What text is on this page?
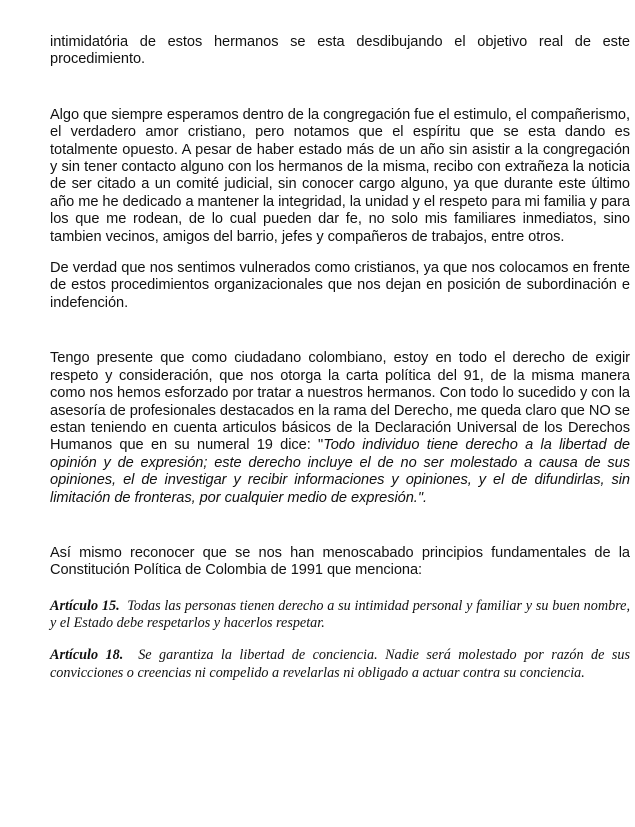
intimidatória de estos hermanos se esta desdibujando el objetivo real de este procedimiento.

Algo que siempre esperamos dentro de la congregación fue el estimulo, el compañerismo, el verdadero amor cristiano, pero notamos que el espíritu que se esta dando es totalmente opuesto. A pesar de haber estado más de un año sin asistir a la congregación y sin tener contacto alguno con los hermanos de la misma, recibo con extrañeza la noticia de ser citado a un comité judicial, sin conocer cargo alguno, ya que durante este último año me he dedicado a mantener la integridad, la unidad y el respeto para mi familia y para los que me rodean, de lo cual pueden dar fe, no solo mis familiares inmediatos, sino tambien vecinos, amigos del barrio, jefes y compañeros de trabajos, entre otros.

De verdad que nos sentimos vulnerados como cristianos, ya que nos colocamos en frente de estos procedimientos organizacionales que nos dejan en posición de subordinación e indefención.

Tengo presente que como ciudadano colombiano, estoy en todo el derecho de exigir respeto y consideración, que nos otorga la carta política del 91, de la misma manera como nos hemos esforzado por tratar a nuestros hermanos. Con todo lo sucedido y con la asesoría de profesionales destacados en la rama del Derecho, me queda claro que NO se estan teniendo en cuenta articulos básicos de la Declaración Universal de los Derechos Humanos que en su numeral 19 dice: "Todo individuo tiene derecho a la libertad de opinión y de expresión; este derecho incluye el de no ser molestado a causa de sus opiniones, el de investigar y recibir informaciones y opiniones, y el de difundirlas, sin limitación de fronteras, por cualquier medio de expresión.".

Así mismo reconocer que se nos han menoscabado principios fundamentales de la Constitución Política de Colombia de 1991 que menciona:

Artículo 15. Todas las personas tienen derecho a su intimidad personal y familiar y su buen nombre, y el Estado debe respetarlos y hacerlos respetar.

Artículo 18. Se garantiza la libertad de conciencia. Nadie será molestado por razón de sus convicciones o creencias ni compelido a revelarlas ni obligado a actuar contra su conciencia.
